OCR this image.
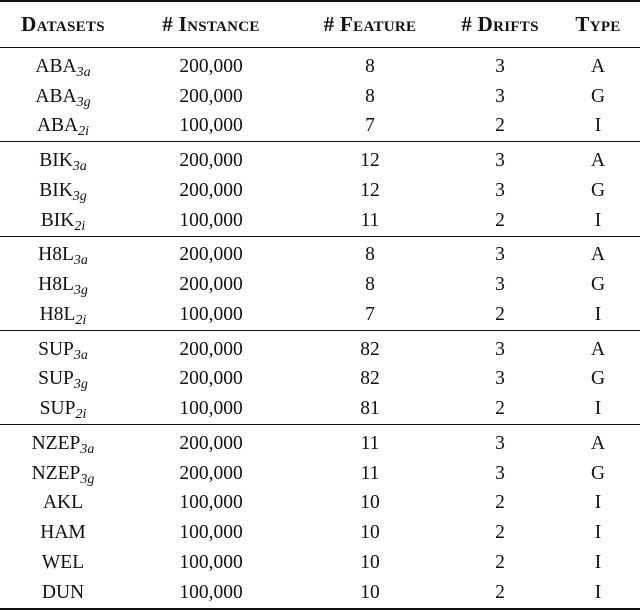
Datasets	# Instance	# Feature	# Drifts	Type
$ABA_{3a}$	200,000	8	3	A
$ABA_{3g}$	200,000	8	3	G
$ABA_{2i}$	100,000	7	2	I
$BIK_{3a}$	200,000	12	3	A
$BIK_{3g}$	200,000	12	3	G
$BIK_{2i}$	100,000	11	2	I
$H8L_{3a}$	200,000	8	3	A
$H8L_{3g}$	200,000	8	3	G
$H8L_{2i}$	100,000	7	2	I
$SUP_{3a}$	200,000	82	3	A
$SUP_{3g}$	200,000	82	3	G
$SUP_{2i}$	100,000	81	2	I
$NZEP_{3a}$	200,000	11	3	A
$NZEP_{3g}$	200,000	11	3	G
AKL	100,000	10	2	I
HAM	100,000	10	2	I
WEL	100,000	10	2	I
DUN	100,000	10	2	I
